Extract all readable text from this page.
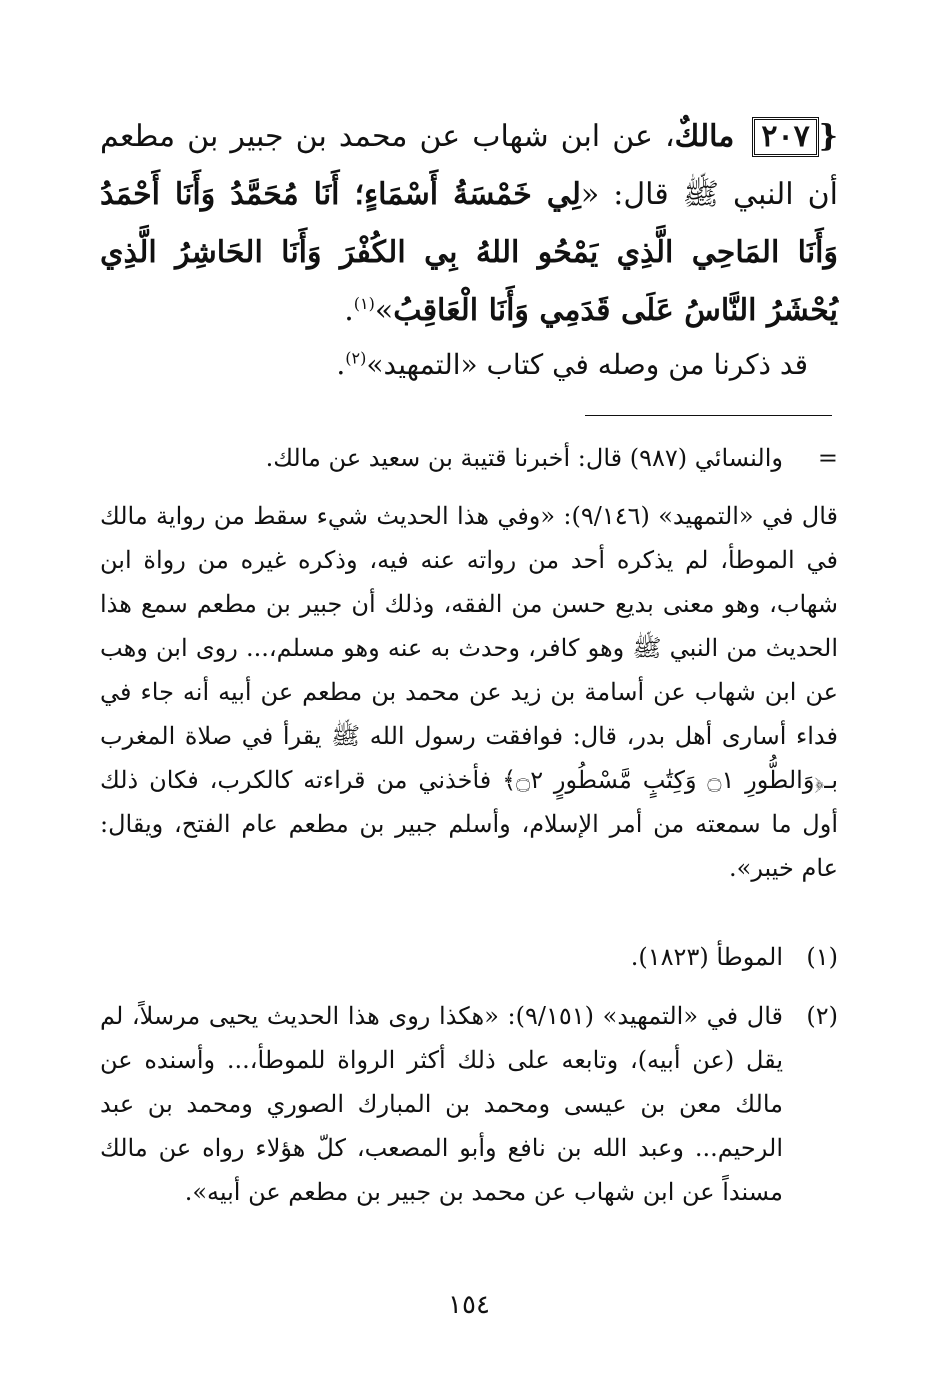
{٢٠٧ مالكٌ، عن ابن شهاب عن محمد بن جبير بن مطعم أن النبي ﷺ قال: «لِي خَمْسَةُ أَسْمَاءٍ؛ أَنَا مُحَمَّدُ وَأَنَا أَحْمَدُ وَأَنَا المَاحِي الَّذِي يَمْحُو اللهُ بِي الكُفْرَ وَأَنَا الحَاشِرُ الَّذِي يُحْشَرُ النَّاسُ عَلَى قَدَمِي وَأَنَا الْعَاقِبُ»$^{(١)}$.
قد ذكرنا من وصله في كتاب «التمهيد»$^{(٢)}$.
=
والنسائي (٩٨٧) قال: أخبرنا قتيبة بن سعيد عن مالك.
قال في «التمهيد» (٩/١٤٦): «وفي هذا الحديث شيء سقط من رواية مالك في الموطأ، لم يذكره أحد من رواته عنه فيه، وذكره غيره من رواة ابن شهاب، وهو معنى بديع حسن من الفقه، وذلك أن جبير بن مطعم سمع هذا الحديث من النبي ﷺ وهو كافر، وحدث به عنه وهو مسلم،... روى ابن وهب عن ابن شهاب عن أسامة بن زيد عن محمد بن مطعم عن أبيه أنه جاء في فداء أسارى أهل بدر، قال: فوافقت رسول الله ﷺ يقرأ في صلاة المغرب بـ﴿وَالطُّورِ ۝١ وَكِتَٰبٍ مَّسْطُورٍ ۝٢﴾ فأخذني من قراءته كالكرب، فكان ذلك أول ما سمعته من أمر الإسلام، وأسلم جبير بن مطعم عام الفتح، ويقال: عام خيبر».
(١)
الموطأ (١٨٢٣).
(٢)
قال في «التمهيد» (٩/١٥١): «هكذا روى هذا الحديث يحيى مرسلاً، لم يقل (عن أبيه)، وتابعه على ذلك أكثر الرواة للموطأ،... وأسنده عن مالك معن بن عيسى ومحمد بن المبارك الصوري ومحمد بن عبد الرحيم... وعبد الله بن نافع وأبو المصعب، كلّ هؤلاء رواه عن مالك مسنداً عن ابن شهاب عن محمد بن جبير بن مطعم عن أبيه».
١٥٤
